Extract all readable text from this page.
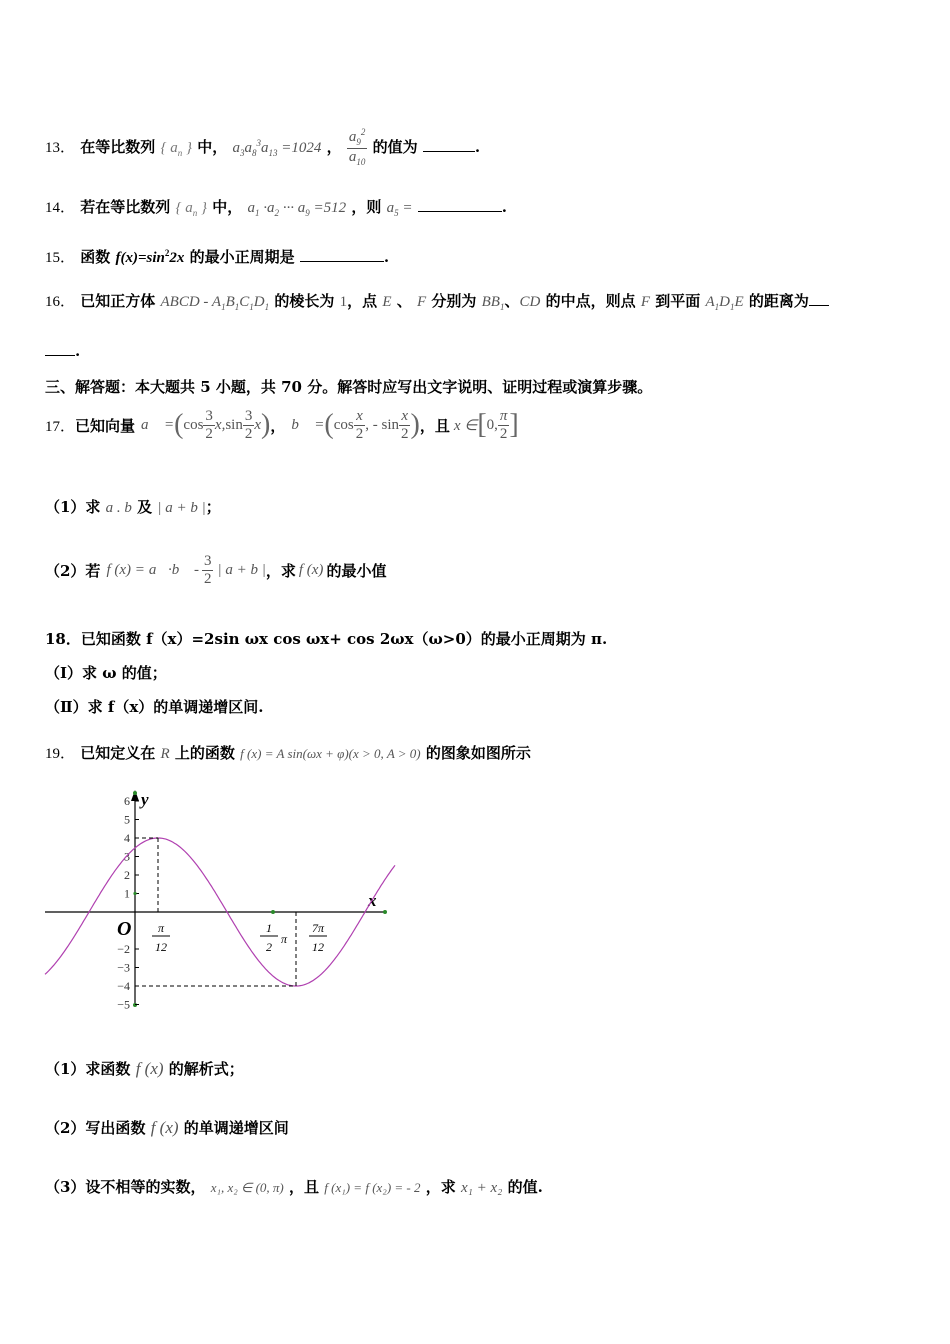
13． 在等比数列 { $a_n$ } 中， $a_3a_8^3a_{13} =1024$ ， $\frac{a_9^2}{a_{10}}$ 的值为	.
14． 若在等比数列 { $a_n$ } 中， $a_1 \cdot a_2$ ··· $a_9 =512$ ，则 $a_5$ =	.
15． 函数 $f(x)=\sin^22x$ 的最小正周期是	.
16． 已知正方体 ABCD - $A_1B_1C_1D_1$ 的棱长为 1，点 E 、 F 分别为 $BB_1$、CD 的中点，则点 F 到平面 $A_1D_1E$ 的距离为
.
三、解答题：本大题共 5 小题，共 70 分。解答时应写出文字说明、证明过程或演算步骤。
17． 已知向量 a⃗ = ( $\cos \frac{3}{2} x$, $\sin \frac{3}{2}$ x ) ， b⃗ = ( $\cos \frac{x}{2}$ , - $\sin \frac{x}{2}$ ) ，且 x ∈ [ 0, $\frac{\pi}{2}$ ]
（1）求 a . b 及 | a + b |；
（2）若 f (x) = a⃗ · b⃗ - $\frac{3}{2}$ | a + b | ，求 f (x) 的最小值
18．已知函数 f（x）=2sin ωx cos ωx+ cos 2ωx（ω>0）的最小正周期为 π.
（Ⅰ）求 ω 的值；
（Ⅱ）求 f（x）的单调递增区间.
19． 已知定义在 R 上的函数 f (x) = A sin(ωx + φ)(x > 0, A > 0) 的图象如图所示
y
x
O
6
5
4
3
2
1
−2
−3
−4
−5
π
12
1
2
π
7π
12
（1）求函数 f (x) 的解析式；
（2）写出函数 f (x) 的单调递增区间
（3）设不相等的实数， x₁, x₂ ∈ (0, π) ，且 f (x₁) = f (x₂) = - 2 ，求 x₁ + x₂ 的值.
